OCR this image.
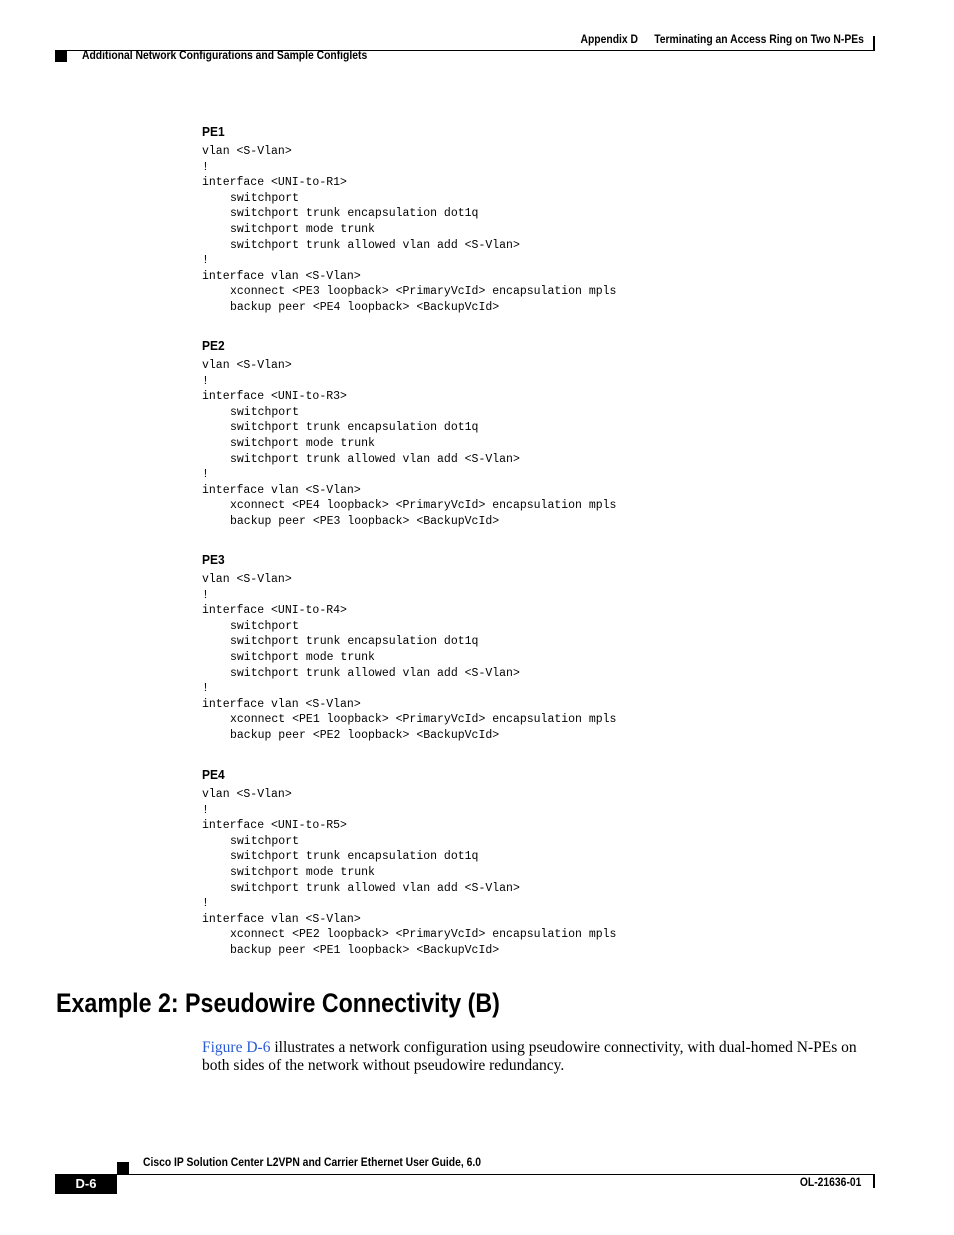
Appendix D Terminating an Access Ring on Two N-PEs
Additional Network Configurations and Sample Configlets
PE1
vlan <S-Vlan>
!
interface <UNI-to-R1>
switchport
switchport trunk encapsulation dot1q
switchport mode trunk
switchport trunk allowed vlan add <S-Vlan>
!
interface vlan <S-Vlan>
xconnect <PE3 loopback> <PrimaryVcId> encapsulation mpls
backup peer <PE4 loopback> <BackupVcId>
PE2
vlan <S-Vlan>
!
interface <UNI-to-R3>
switchport
switchport trunk encapsulation dot1q
switchport mode trunk
switchport trunk allowed vlan add <S-Vlan>
!
interface vlan <S-Vlan>
xconnect <PE4 loopback> <PrimaryVcId> encapsulation mpls
backup peer <PE3 loopback> <BackupVcId>
PE3
vlan <S-Vlan>
!
interface <UNI-to-R4>
switchport
switchport trunk encapsulation dot1q
switchport mode trunk
switchport trunk allowed vlan add <S-Vlan>
!
interface vlan <S-Vlan>
xconnect <PE1 loopback> <PrimaryVcId> encapsulation mpls
backup peer <PE2 loopback> <BackupVcId>
PE4
vlan <S-Vlan>
!
interface <UNI-to-R5>
switchport
switchport trunk encapsulation dot1q
switchport mode trunk
switchport trunk allowed vlan add <S-Vlan>
!
interface vlan <S-Vlan>
xconnect <PE2 loopback> <PrimaryVcId> encapsulation mpls
backup peer <PE1 loopback> <BackupVcId>
Example 2: Pseudowire Connectivity (B)
Figure D-6 illustrates a network configuration using pseudowire connectivity, with dual-homed N-PEs on both sides of the network without pseudowire redundancy.
Cisco IP Solution Center L2VPN and Carrier Ethernet User Guide, 6.0
D-6	OL-21636-01
